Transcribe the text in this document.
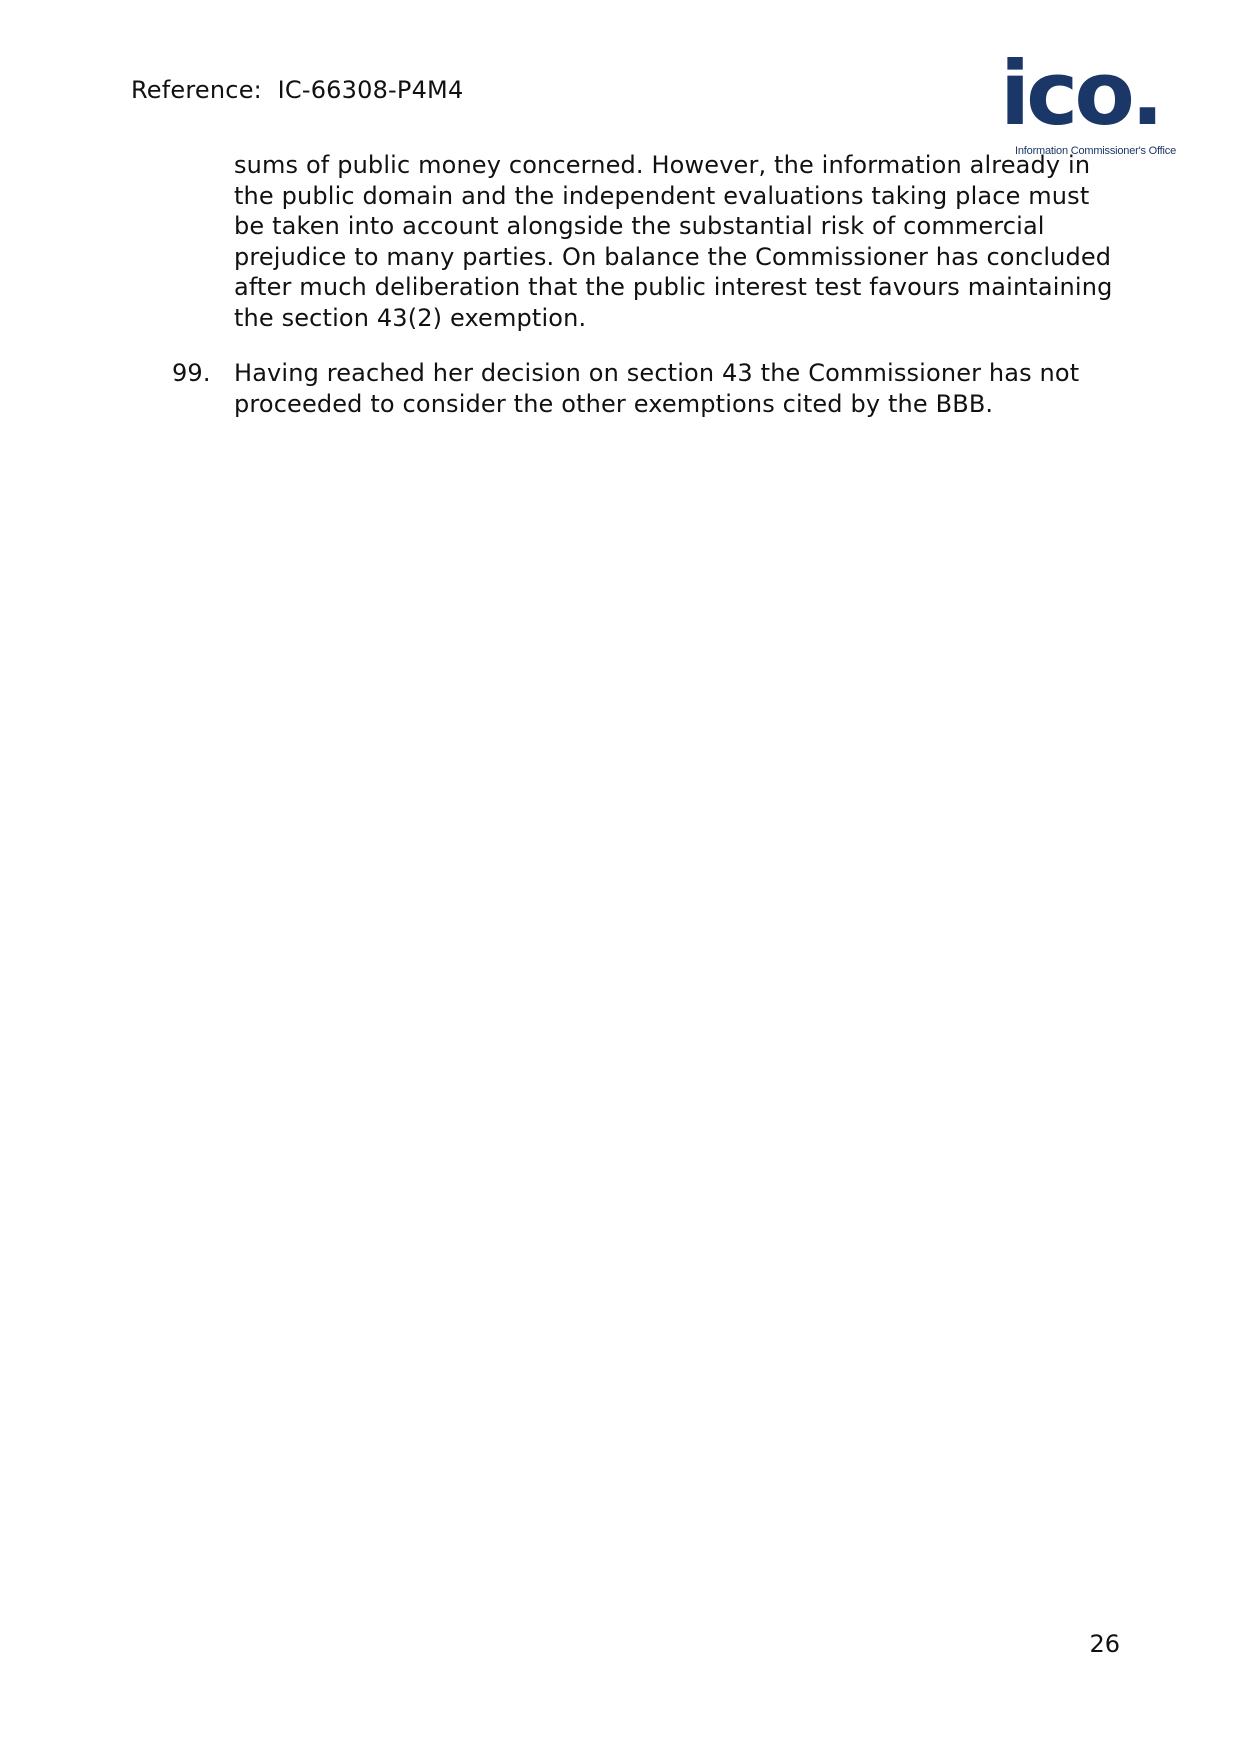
Reference:  IC-66308-P4M4	ico.
Information Commissioner's Office
sums of public money concerned. However, the information already in the public domain and the independent evaluations taking place must be taken into account alongside the substantial risk of commercial prejudice to many parties. On balance the Commissioner has concluded after much deliberation that the public interest test favours maintaining the section 43(2) exemption.
99. Having reached her decision on section 43 the Commissioner has not proceeded to consider the other exemptions cited by the BBB.
26
